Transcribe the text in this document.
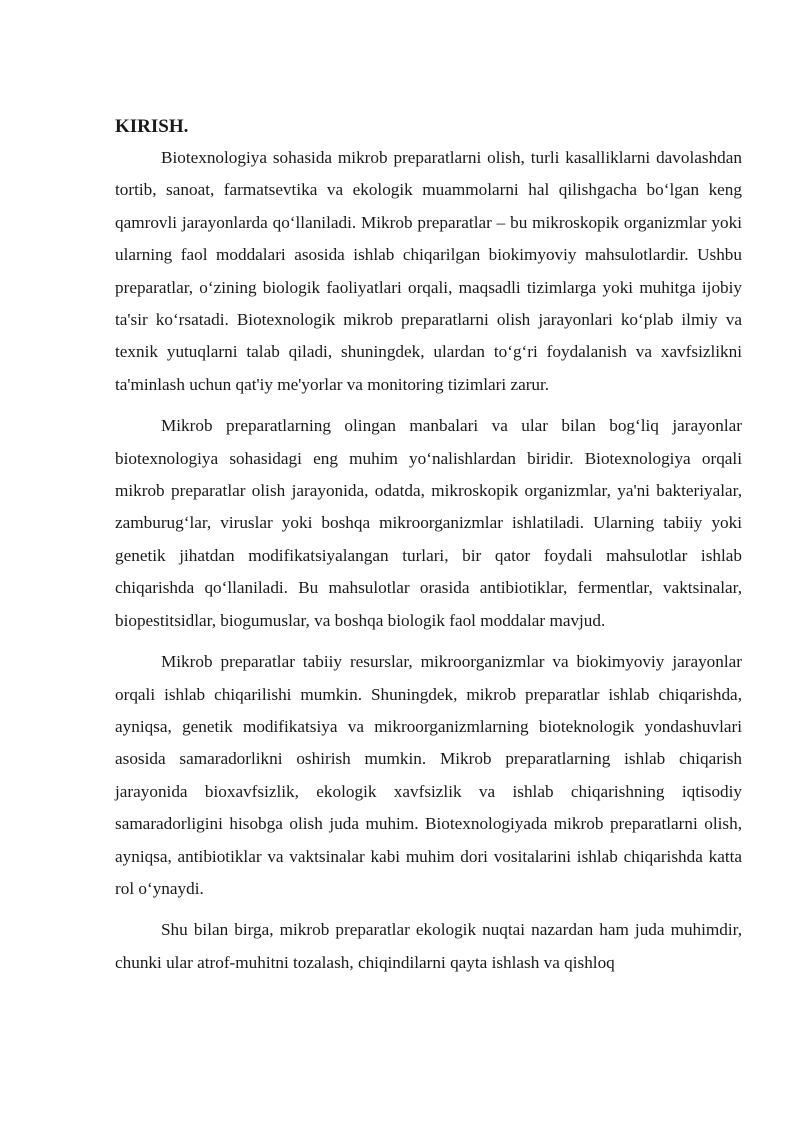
KIRISH.

Biotexnologiya sohasida mikrob preparatlarni olish, turli kasalliklarni davolashdan tortib, sanoat, farmatsevtika va ekologik muammolarni hal qilishgacha bo‘lgan keng qamrovli jarayonlarda qo‘llaniladi. Mikrob preparatlar – bu mikroskopik organizmlar yoki ularning faol moddalari asosida ishlab chiqarilgan biokimyoviy mahsulotlardir. Ushbu preparatlar, o‘zining biologik faoliyatlari orqali, maqsadli tizimlarga yoki muhitga ijobiy ta'sir ko‘rsatadi. Biotexnologik mikrob preparatlarni olish jarayonlari ko‘plab ilmiy va texnik yutuqlarni talab qiladi, shuningdek, ulardan to‘g‘ri foydalanish va xavfsizlikni ta'minlash uchun qat'iy me'yorlar va monitoring tizimlari zarur.

Mikrob preparatlarning olingan manbalari va ular bilan bog‘liq jarayonlar biotexnologiya sohasidagi eng muhim yo‘nalishlardan biridir. Biotexnologiya orqali mikrob preparatlar olish jarayonida, odatda, mikroskopik organizmlar, ya'ni bakteriyalar, zamburug‘lar, viruslar yoki boshqa mikroorganizmlar ishlatiladi. Ularning tabiiy yoki genetik jihatdan modifikatsiyalangan turlari, bir qator foydali mahsulotlar ishlab chiqarishda qo‘llaniladi. Bu mahsulotlar orasida antibiotiklar, fermentlar, vaktsinalar, biopestitsidlar, biogumuslar, va boshqa biologik faol moddalar mavjud.

Mikrob preparatlar tabiiy resurslar, mikroorganizmlar va biokimyoviy jarayonlar orqali ishlab chiqarilishi mumkin. Shuningdek, mikrob preparatlar ishlab chiqarishda, ayniqsa, genetik modifikatsiya va mikroorganizmlarning bioteknologik yondashuvlari asosida samaradorlikni oshirish mumkin. Mikrob preparatlarning ishlab chiqarish jarayonida bioxavfsizlik, ekologik xavfsizlik va ishlab chiqarishning iqtisodiy samaradorligini hisobga olish juda muhim. Biotexnologiyada mikrob preparatlarni olish, ayniqsa, antibiotiklar va vaktsinalar kabi muhim dori vositalarini ishlab chiqarishda katta rol o‘ynaydi.

Shu bilan birga, mikrob preparatlar ekologik nuqtai nazardan ham juda muhimdir, chunki ular atrof-muhitni tozalash, chiqindilarni qayta ishlash va qishloq
